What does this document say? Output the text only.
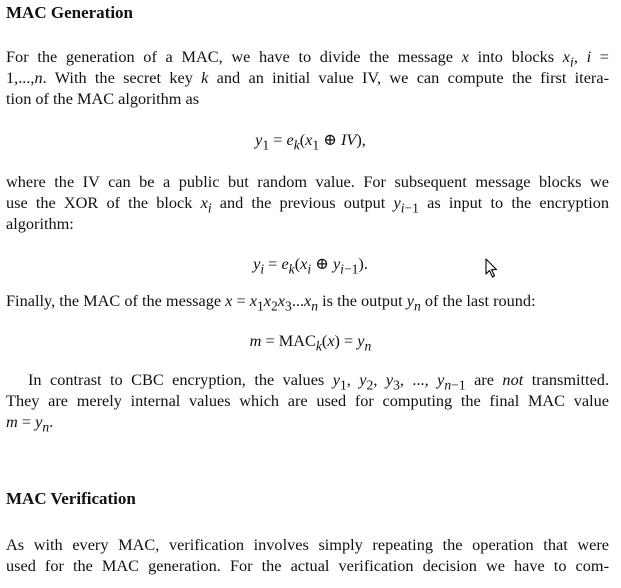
MAC Generation
For the generation of a MAC, we have to divide the message x into blocks $x_i$, i =
1,...,n. With the secret key k and an initial value IV, we can compute the first itera-
tion of the MAC algorithm as
$y_1 = e_k(x_1$ ⊕ IV),
where the IV can be a public but random value. For subsequent message blocks we
use the XOR of the block $x_i$ and the previous output $y_{i-1}$ as input to the encryption
algorithm:
$y_i = e_k(x_i$ ⊕ $y_{i-1}$).
Finally, the MAC of the message $x = x_1x_2x_3...x_n$ is the output $y_n$ of the last round:
$m = MAC_k(x) = y_n$
In contrast to CBC encryption, the values $y_1$, $y_2$, $y_3$, ..., $y_{n-1}$ are not transmitted.
They are merely internal values which are used for computing the final MAC value
$m = y_n$.
MAC Verification
As with every MAC, verification involves simply repeating the operation that were
used for the MAC generation. For the actual verification decision we have to com-
